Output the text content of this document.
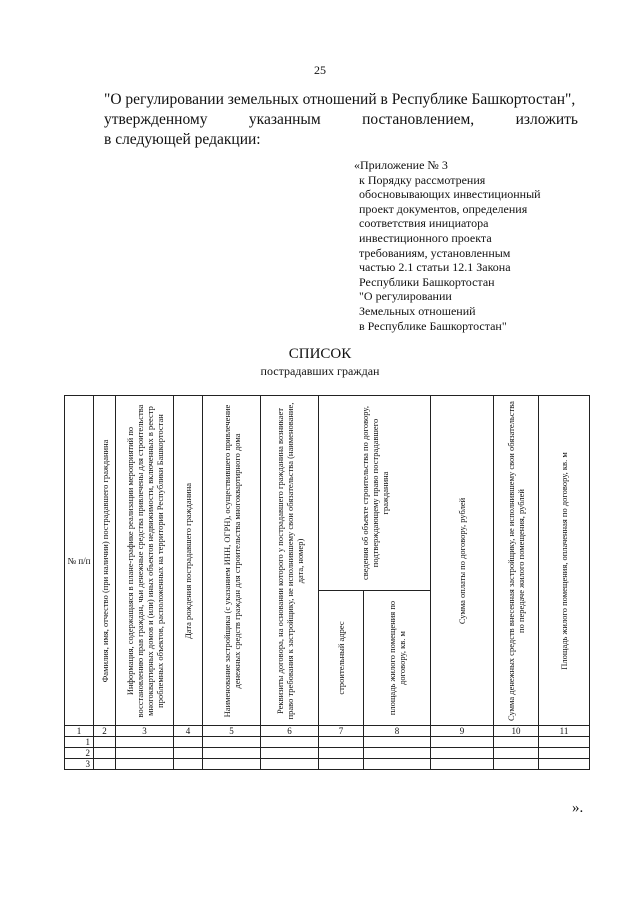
25
"О регулировании земельных отношений в Республике Башкортостан",
утвержденному	указанным	постановлением,	изложить
в следующей редакции:
«Приложение № 3
к Порядку рассмотрения
обосновывающих инвестиционный
проект документов, определения
соответствия инициатора
инвестиционного проекта
требованиям, установленным
частью 2.1 статьи 12.1 Закона
Республики Башкортостан
"О регулировании
Земельных отношений
в Республике Башкортостан"
СПИСОК
пострадавших граждан
№ п/п	Фамилия, имя, отчество (при наличии) пострадавшего гражданина	Информация, содержащаяся в плане-графике реализации мероприятий по восстановлению прав граждан, чьи денежные средства привлечены для строительства многоквартирных домов и (или) иных объектов недвижимости, включенных в реестр проблемных объектов, расположенных на территории Республики Башкортостан	Дата рождения пострадавшего гражданина	Наименование застройщика (с указанием ИНН, ОГРН), осуществившего привлечение денежных средств граждан для строительства многоквартирного дома	Реквизиты договора, на основании которого у пострадавшего гражданина возникает право требования к застройщику, не исполнившему свои обязательства (наименование, дата, номер)	сведения об объекте строительства по договору, подтверждающему право пострадавшего гражданина		Сумма оплаты по договору, рублей	Сумма денежных средств внесенная застройщику, не исполнившему свои обязательства по передаче жилого помещения, рублей	Площадь жилого помещения, оплаченная по договору, кв. м

						строительный адрес	площадь жилого помещения по договору, кв. м			

1	2	3	4	5	6	7	8	9	10	11
1										
2										
3										
».
